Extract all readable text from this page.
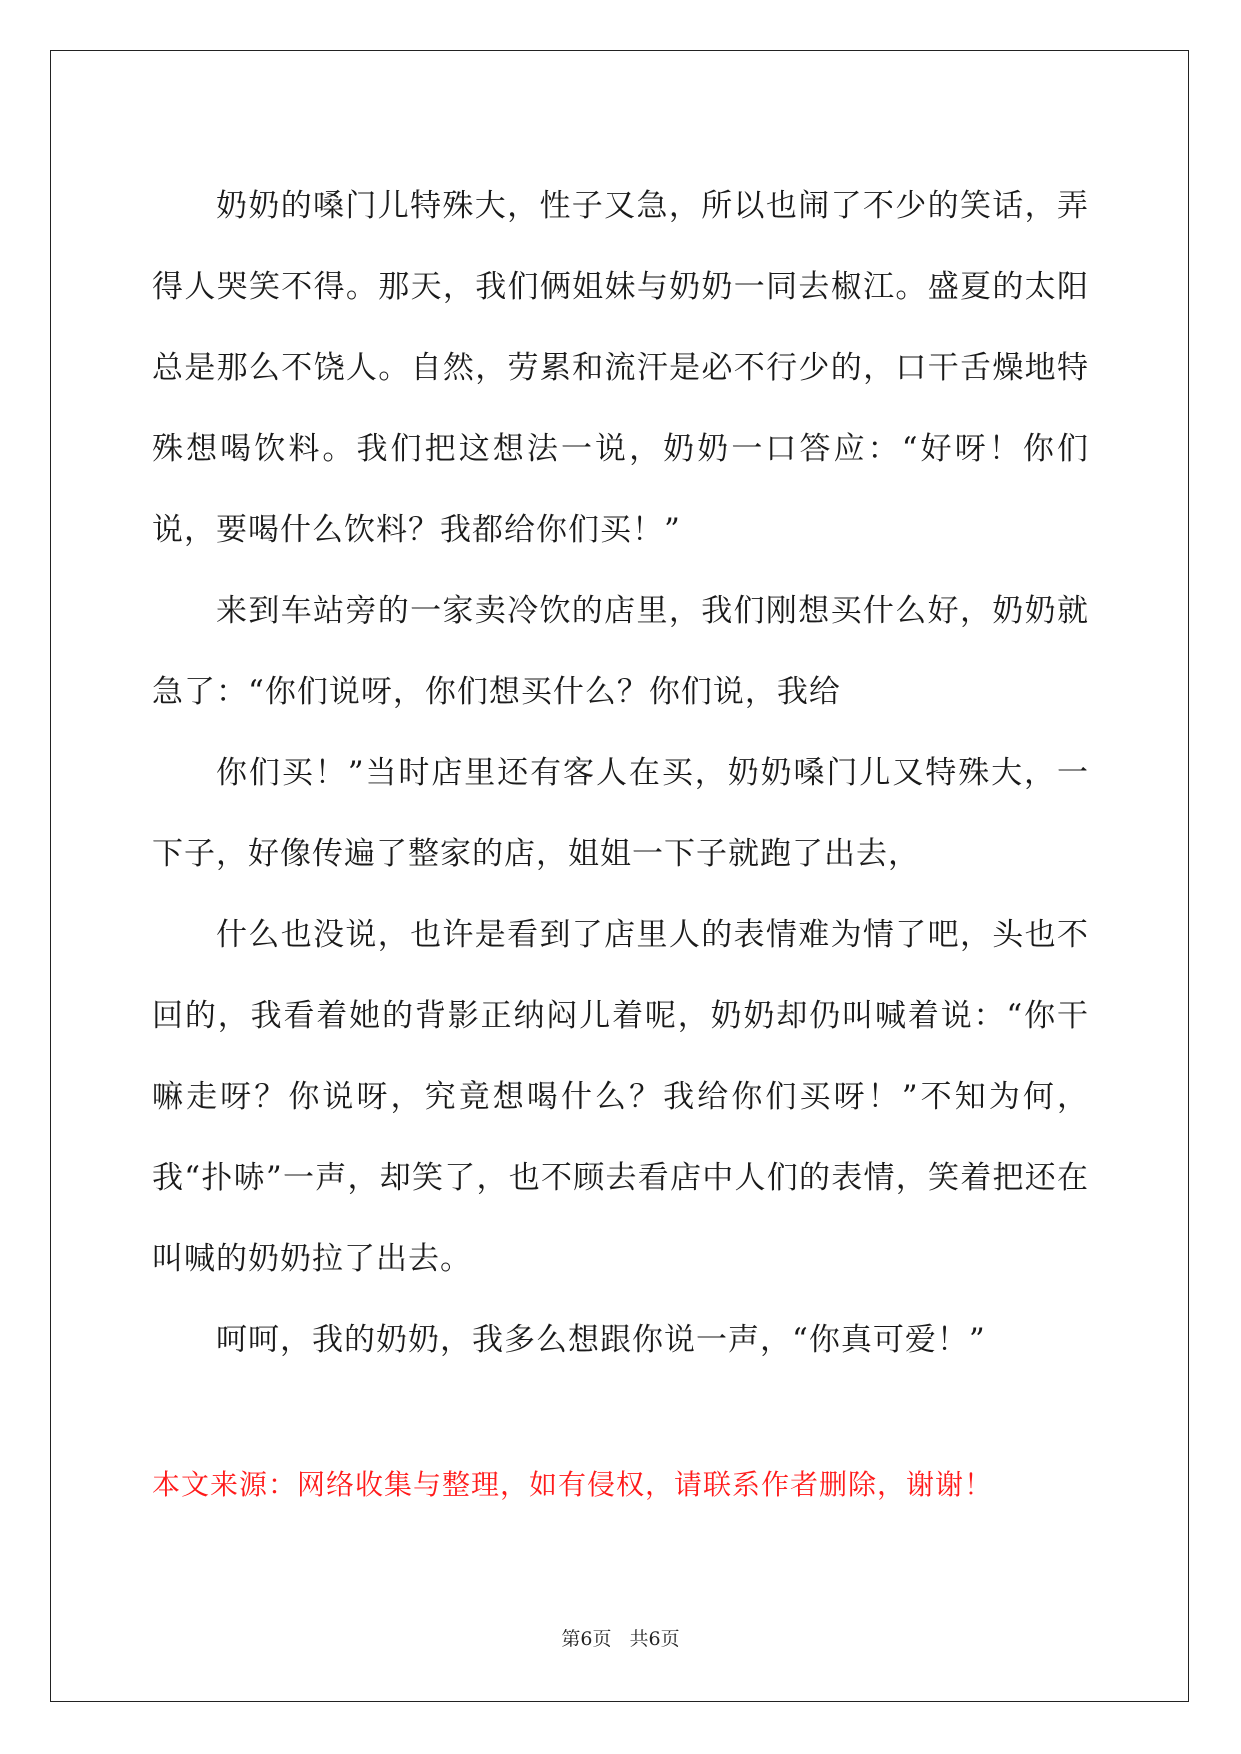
奶奶的嗓门儿特殊大，性子又急，所以也闹了不少的笑话，弄得人哭笑不得。那天，我们俩姐妹与奶奶一同去椒江。盛夏的太阳总是那么不饶人。自然，劳累和流汗是必不行少的，口干舌燥地特殊想喝饮料。我们把这想法一说，奶奶一口答应：“好呀！你们说，要喝什么饮料？我都给你们买！”

来到车站旁的一家卖冷饮的店里，我们刚想买什么好，奶奶就急了：“你们说呀，你们想买什么？你们说，我给

你们买！”当时店里还有客人在买，奶奶嗓门儿又特殊大，一下子，好像传遍了整家的店，姐姐一下子就跑了出去，

什么也没说，也许是看到了店里人的表情难为情了吧，头也不回的，我看着她的背影正纳闷儿着呢，奶奶却仍叫喊着说：“你干嘛走呀？你说呀，究竟想喝什么？我给你们买呀！”不知为何，我“扑哧”一声，却笑了，也不顾去看店中人们的表情，笑着把还在叫喊的奶奶拉了出去。

呵呵，我的奶奶，我多么想跟你说一声，“你真可爱！”

本文来源：网络收集与整理，如有侵权，请联系作者删除，谢谢！

第6页 共6页
